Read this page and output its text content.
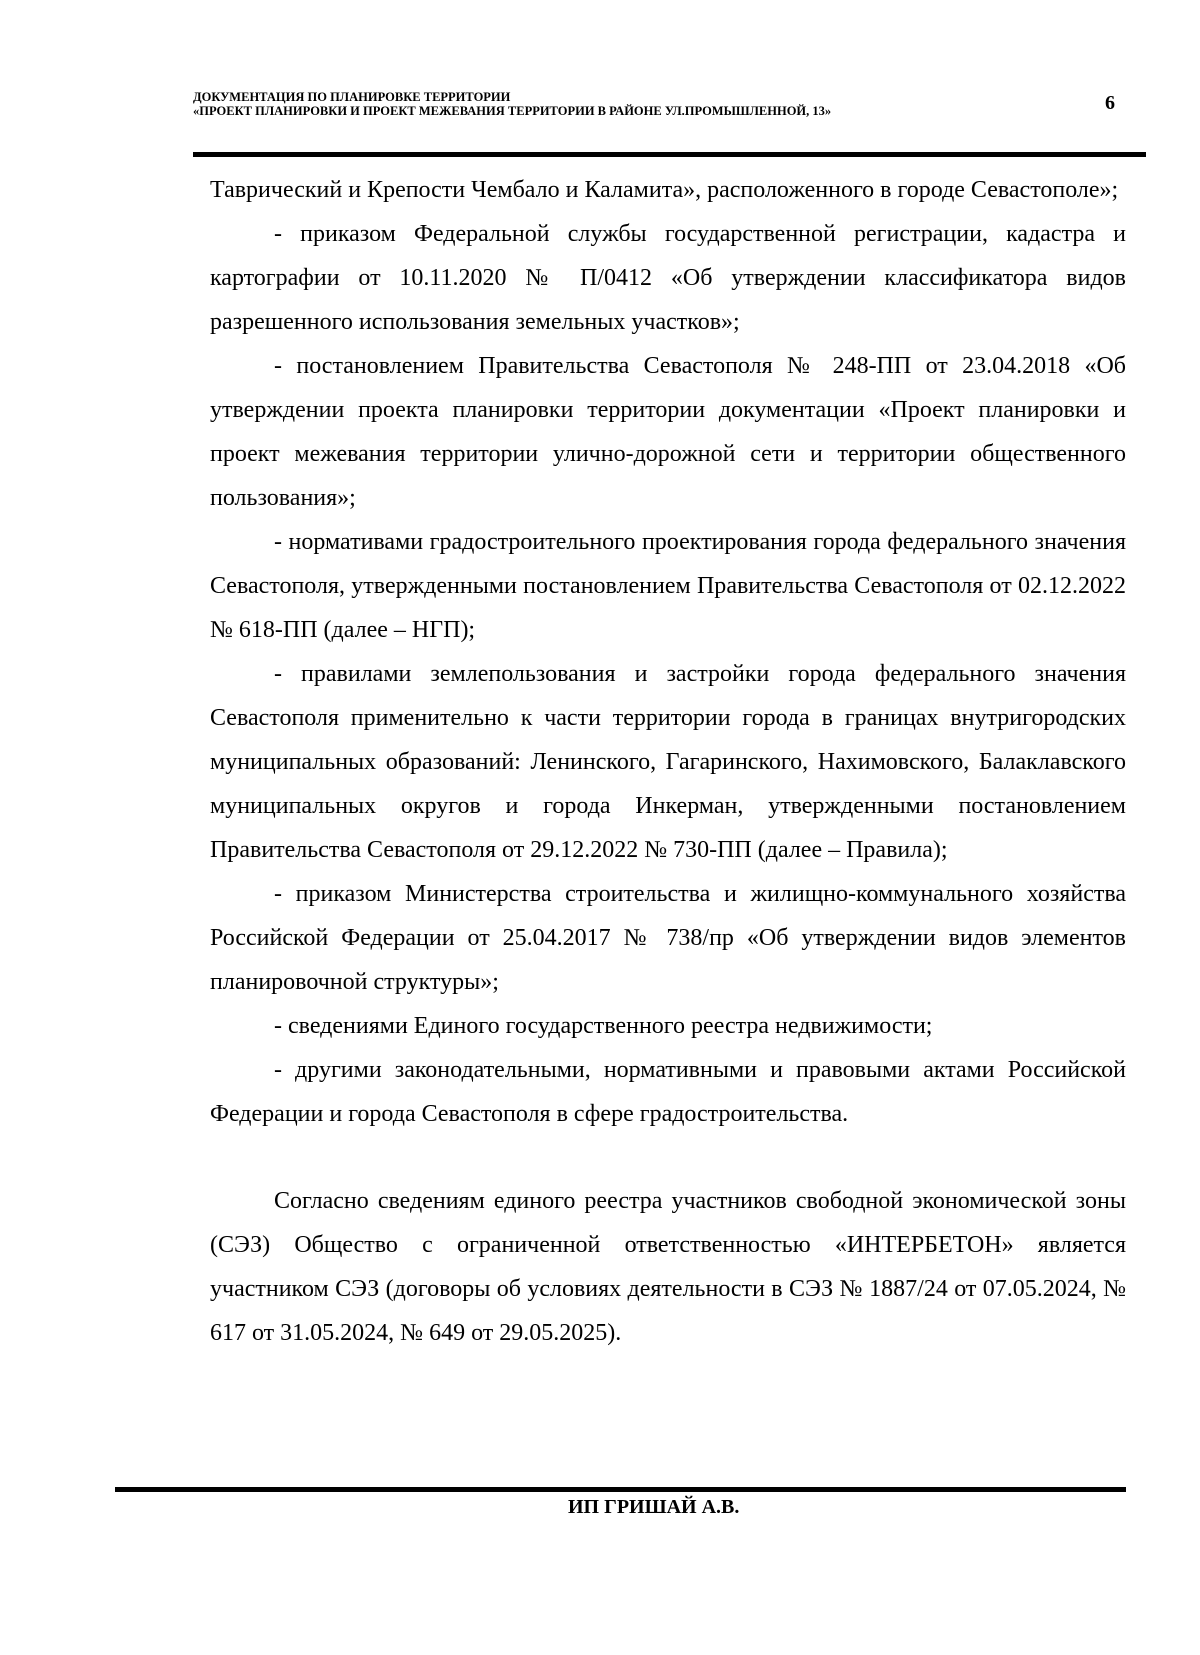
ДОКУМЕНТАЦИЯ ПО ПЛАНИРОВКЕ ТЕРРИТОРИИ
«ПРОЕКТ ПЛАНИРОВКИ И ПРОЕКТ МЕЖЕВАНИЯ ТЕРРИТОРИИ В РАЙОНЕ УЛ.ПРОМЫШЛЕННОЙ, 13»	6

Таврический и Крепости Чембало и Каламита», расположенного в городе Севастополе»;

- приказом Федеральной службы государственной регистрации, кадастра и картографии от 10.11.2020 № П/0412 «Об утверждении классификатора видов разрешенного использования земельных участков»;

- постановлением Правительства Севастополя № 248-ПП от 23.04.2018 «Об утверждении проекта планировки территории документации «Проект планировки и проект межевания территории улично-дорожной сети и территории общественного пользования»;

- нормативами градостроительного проектирования города федерального значения Севастополя, утвержденными постановлением Правительства Севастополя от 02.12.2022 № 618-ПП (далее – НГП);

- правилами землепользования и застройки города федерального значения Севастополя применительно к части территории города в границах внутригородских муниципальных образований: Ленинского, Гагаринского, Нахимовского, Балаклавского муниципальных округов и города Инкерман, утвержденными постановлением Правительства Севастополя от 29.12.2022 № 730-ПП (далее – Правила);

- приказом Министерства строительства и жилищно-коммунального хозяйства Российской Федерации от 25.04.2017 № 738/пр «Об утверждении видов элементов планировочной структуры»;

- сведениями Единого государственного реестра недвижимости;

- другими законодательными, нормативными и правовыми актами Российской Федерации и города Севастополя в сфере градостроительства.

Согласно сведениям единого реестра участников свободной экономической зоны (СЭЗ) Общество с ограниченной ответственностью «ИНТЕРБЕТОН» является участником СЭЗ (договоры об условиях деятельности в СЭЗ № 1887/24 от 07.05.2024, № 617 от 31.05.2024, № 649 от 29.05.2025).

ИП ГРИШАЙ А.В.
